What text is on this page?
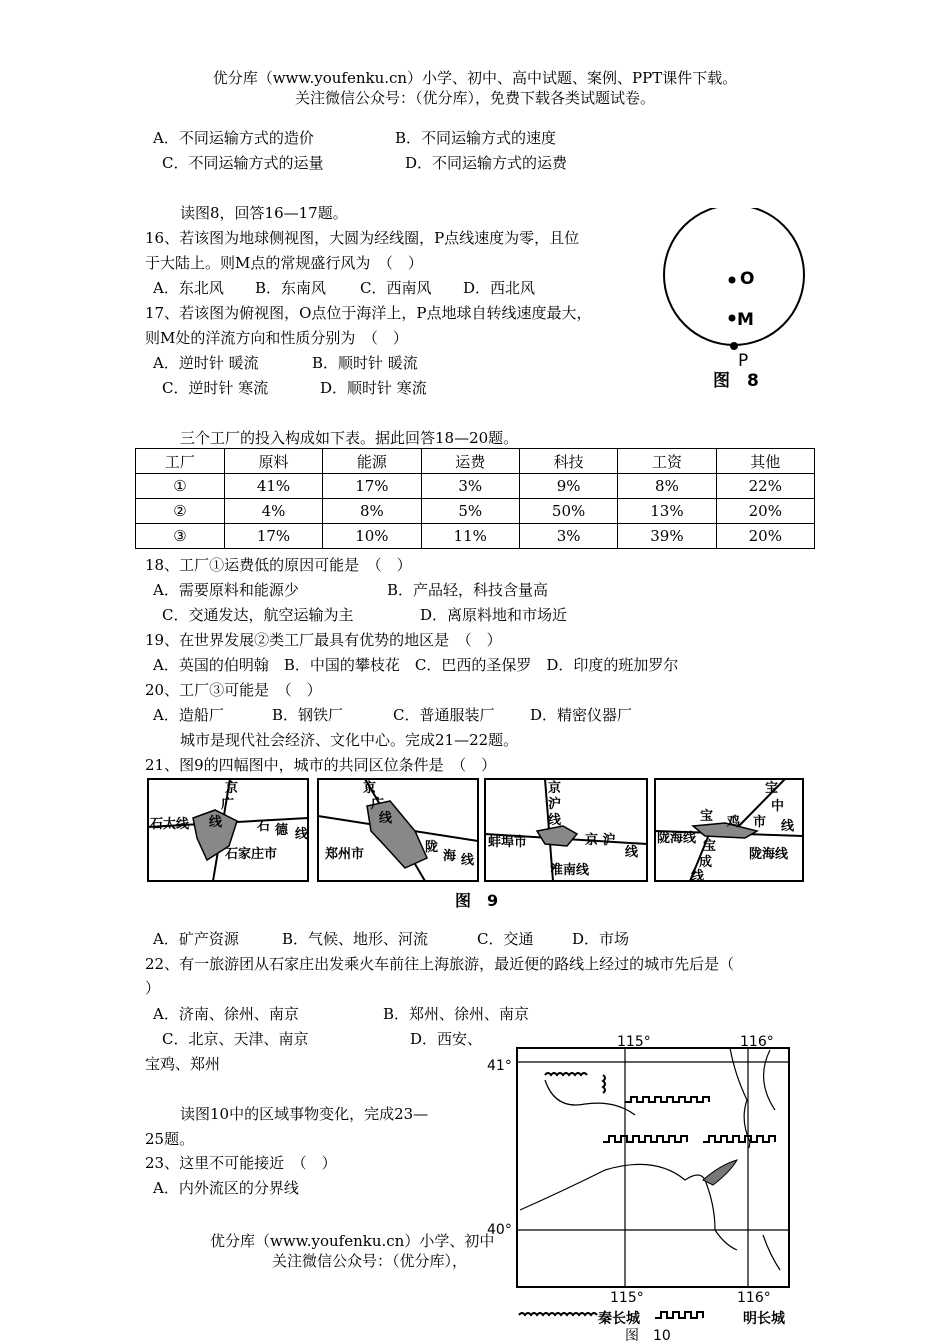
优分库（www.youfenku.cn）小学、初中、高中试题、案例、PPT课件下载。
关注微信公众号：（优分库），免费下载各类试题试卷。
A．不同运输方式的造价	B．不同运输方式的速度
C．不同运输方式的运量	D．不同运输方式的运费
读图8，回答16—17题。
16、若该图为地球侧视图，大圆为经线圈，P点线速度为零，且位
于大陆上。则M点的常规盛行风为　（　）
A．东北风 B．东南风 C．西南风 D．西北风
17、若该图为俯视图，O点位于海洋上，P点地球自转线速度最大，
则M处的洋流方向和性质分别为　（　）
A．逆时针 暖流	B．顺时针 暖流
C．逆时针 寒流	D．顺时针 寒流
O
M
P
图　8
三个工厂的投入构成如下表。据此回答18—20题。
工厂	原料	能源	运费	科技	工资	其他
①	41%	17%	3%	9%	8%	22%
②	4%	8%	5%	50%	13%	20%
③	17%	10%	11%	3%	39%	20%
18、工厂①运费低的原因可能是　（　）
A．需要原料和能源少	B．产品轻，科技含量高
C．交通发达，航空运输为主	D．离原料地和市场近
19、在世界发展②类工厂最具有优势的地区是　（　）
A．英国的伯明翰　B．中国的攀枝花　C．巴西的圣保罗　D．印度的班加罗尔
20、工厂③可能是　（　）
A．造船厂	B．钢铁厂	C．普通服装厂 D．精密仪器厂
城市是现代社会经济、文化中心。完成21—22题。
21、图9的四幅图中，城市的共同区位条件是　（　）
京
广
线
石太线	石 德 线
石家庄市
京
广
线
郑州市	陇
海 线
京
沪
线
蚌埠市	京 沪
线
淮南线
宝
中
线
宝 鸡　市
陇海线
宝
成
线
陇海线
图　9
A．矿产资源	B．气候、地形、河流	C．交通	D．市场
22、有一旅游团从石家庄出发乘火车前往上海旅游，最近便的路线上经过的城市先后是（
）
A．济南、徐州、南京	B．郑州、徐州、南京
C．北京、天津、南京	D．西安、
宝鸡、郑州
读图10中的区域事物变化，完成23—
25题。
23、这里不可能接近　（　）
A．内外流区的分界线
115°	116°
41°
40°
115°	116°
秦长城	明长城
图　10
优分库（www.youfenku.cn）小学、初中
关注微信公众号：（优分库），
